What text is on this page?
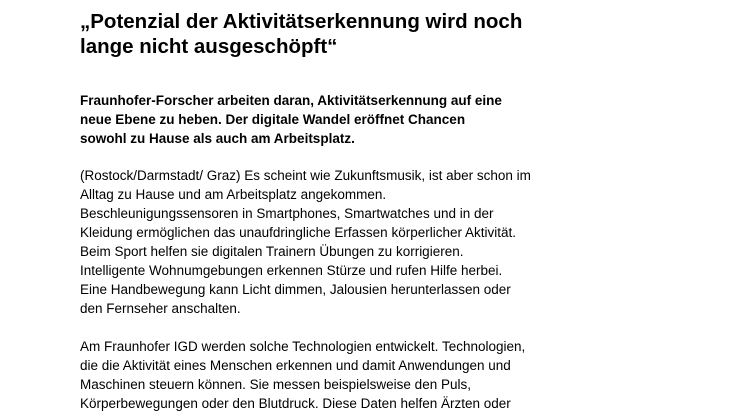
„Potenzial der Aktivitätserkennung wird noch
lange nicht ausgeschöpft“

Fraunhofer-Forscher arbeiten daran, Aktivitätserkennung auf eine
neue Ebene zu heben. Der digitale Wandel eröffnet Chancen
sowohl zu Hause als auch am Arbeitsplatz.

(Rostock/Darmstadt/ Graz) Es scheint wie Zukunftsmusik, ist aber schon im
Alltag zu Hause und am Arbeitsplatz angekommen.
Beschleunigungssensoren in Smartphones, Smartwatches und in der
Kleidung ermöglichen das unaufdringliche Erfassen körperlicher Aktivität.
Beim Sport helfen sie digitalen Trainern Übungen zu korrigieren.
Intelligente Wohnumgebungen erkennen Stürze und rufen Hilfe herbei.
Eine Handbewegung kann Licht dimmen, Jalousien herunterlassen oder
den Fernseher anschalten.

Am Fraunhofer IGD werden solche Technologien entwickelt. Technologien,
die die Aktivität eines Menschen erkennen und damit Anwendungen und
Maschinen steuern können. Sie messen beispielsweise den Puls,
Körperbewegungen oder den Blutdruck. Diese Daten helfen Ärzten oder
